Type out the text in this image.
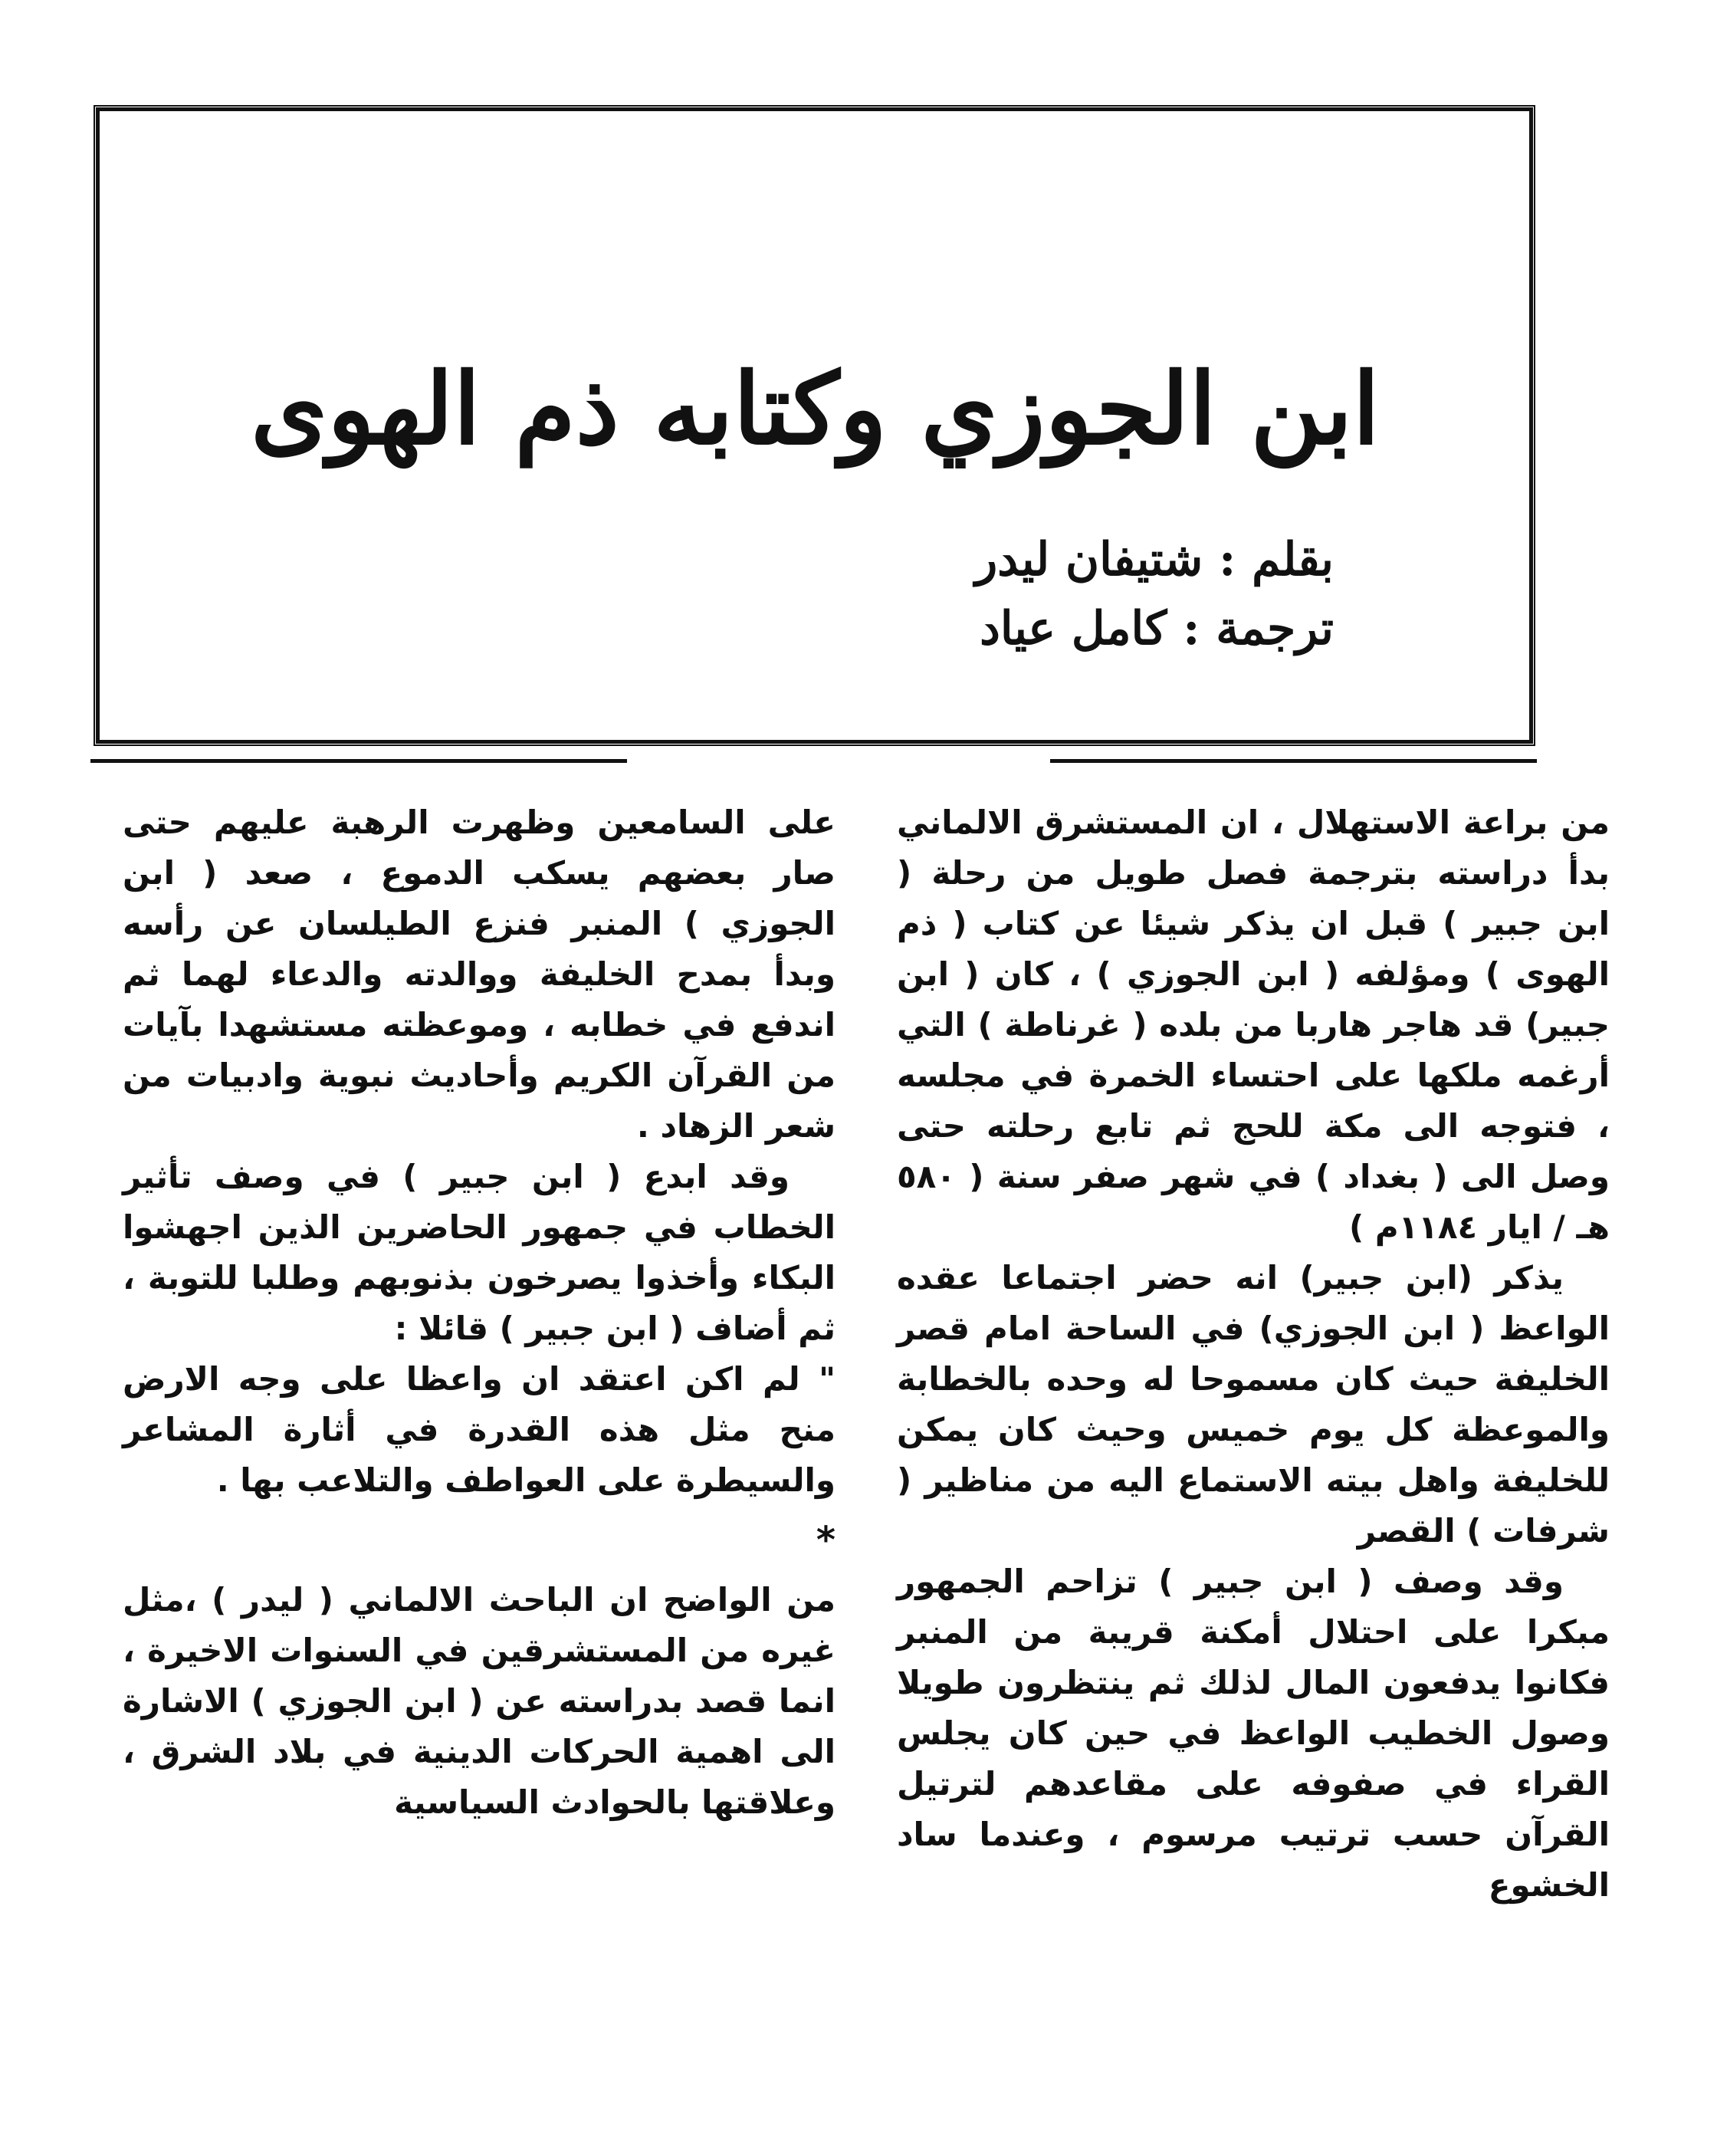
ابن الجوزي وكتابه ذم الهوى

بقلم : شتيفان ليدر

ترجمة : كامل عياد

من براعة الاستهلال ، ان المستشرق الالماني بدأ دراسته بترجمة فصل طويل من رحلة ( ابن جبير ) قبل ان يذكر شيئا عن كتاب ( ذم الهوى ) ومؤلفه ( ابن الجوزي ) ، كان ( ابن جبير) قد هاجر هاربا من بلده ( غرناطة ) التي أرغمه ملكها على احتساء الخمرة في مجلسه ، فتوجه الى مكة للحج ثم تابع رحلته حتى وصل الى ( بغداد ) في شهر صفر سنة ( ٥٨٠ هـ / ايار ١١٨٤م )

يذكر (ابن جبير) انه حضر اجتماعا عقده الواعظ ( ابن الجوزي) في الساحة امام قصر الخليفة حيث كان مسموحا له وحده بالخطابة والموعظة كل يوم خميس وحيث كان يمكن للخليفة واهل بيته الاستماع اليه من مناظير ( شرفات ) القصر

وقد وصف ( ابن جبير ) تزاحم الجمهور مبكرا على احتلال أمكنة قريبة من المنبر فكانوا يدفعون المال لذلك ثم ينتظرون طويلا وصول الخطيب الواعظ في حين كان يجلس القراء في صفوفه على مقاعدهم لترتيل القرآن حسب ترتيب مرسوم ، وعندما ساد الخشوع

على السامعين وظهرت الرهبة عليهم حتى صار بعضهم يسكب الدموع ، صعد ( ابن الجوزي ) المنبر فنزع الطيلسان عن رأسه وبدأ بمدح الخليفة ووالدته والدعاء لهما ثم اندفع في خطابه ، وموعظته مستشهدا بآيات من القرآن الكريم وأحاديث نبوية وادبيات من شعر الزهاد .

وقد ابدع ( ابن جبير ) في وصف تأثير الخطاب في جمهور الحاضرين الذين اجهشوا البكاء وأخذوا يصرخون بذنوبهم وطلبا للتوبة ، ثم أضاف ( ابن جبير ) قائلا :

" لم اكن اعتقد ان واعظا على وجه الارض منح مثل هذه القدرة في أثارة المشاعر والسيطرة على العواطف والتلاعب بها .

*

من الواضح ان الباحث الالماني ( ليدر ) ،مثل غيره من المستشرقين في السنوات الاخيرة ، انما قصد بدراسته عن ( ابن الجوزي ) الاشارة الى اهمية الحركات الدينية في بلاد الشرق ، وعلاقتها بالحوادث السياسية
